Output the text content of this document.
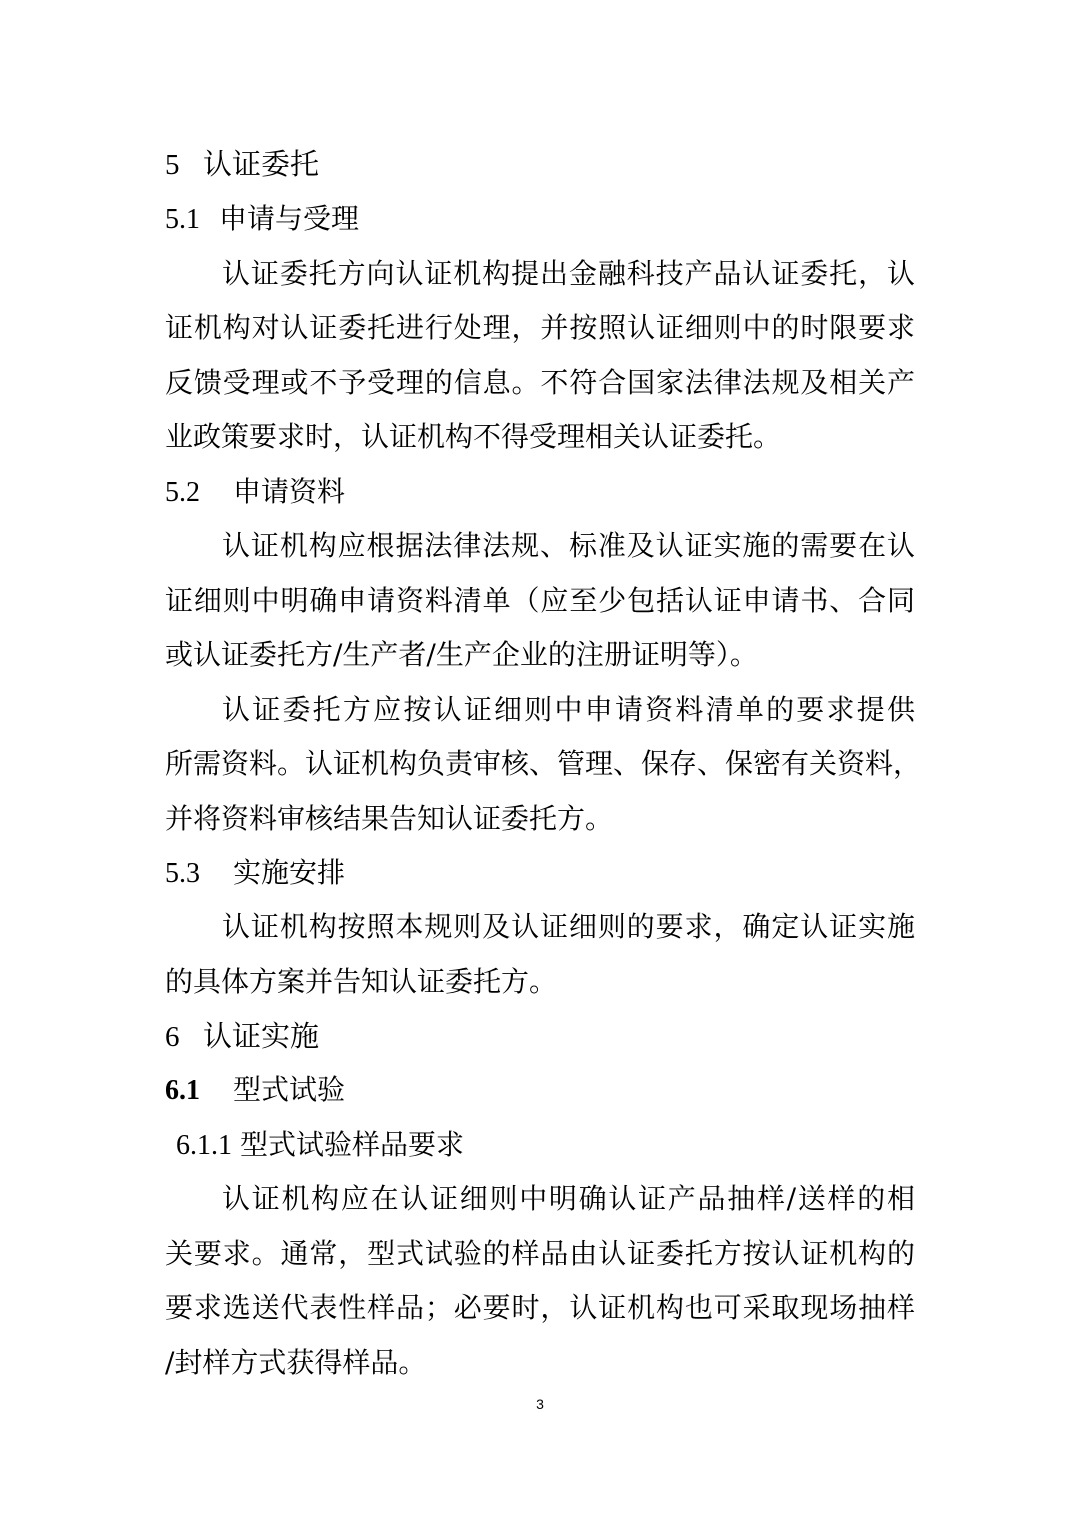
5 认证委托
5.1 申请与受理
认证委托方向认证机构提出金融科技产品认证委托，认
证机构对认证委托进行处理，并按照认证细则中的时限要求
反馈受理或不予受理的信息。不符合国家法律法规及相关产
业政策要求时，认证机构不得受理相关认证委托。
5.2 申请资料
认证机构应根据法律法规、标准及认证实施的需要在认
证细则中明确申请资料清单（应至少包括认证申请书、合同
或认证委托方/生产者/生产企业的注册证明等）。
认证委托方应按认证细则中申请资料清单的要求提供
所需资料。认证机构负责审核、管理、保存、保密有关资料，
并将资料审核结果告知认证委托方。
5.3 实施安排
认证机构按照本规则及认证细则的要求，确定认证实施
的具体方案并告知认证委托方。
6 认证实施
6.1 型式试验
6.1.1 型式试验样品要求
认证机构应在认证细则中明确认证产品抽样/送样的相
关要求。通常，型式试验的样品由认证委托方按认证机构的
要求选送代表性样品；必要时，认证机构也可采取现场抽样
/封样方式获得样品。
3
